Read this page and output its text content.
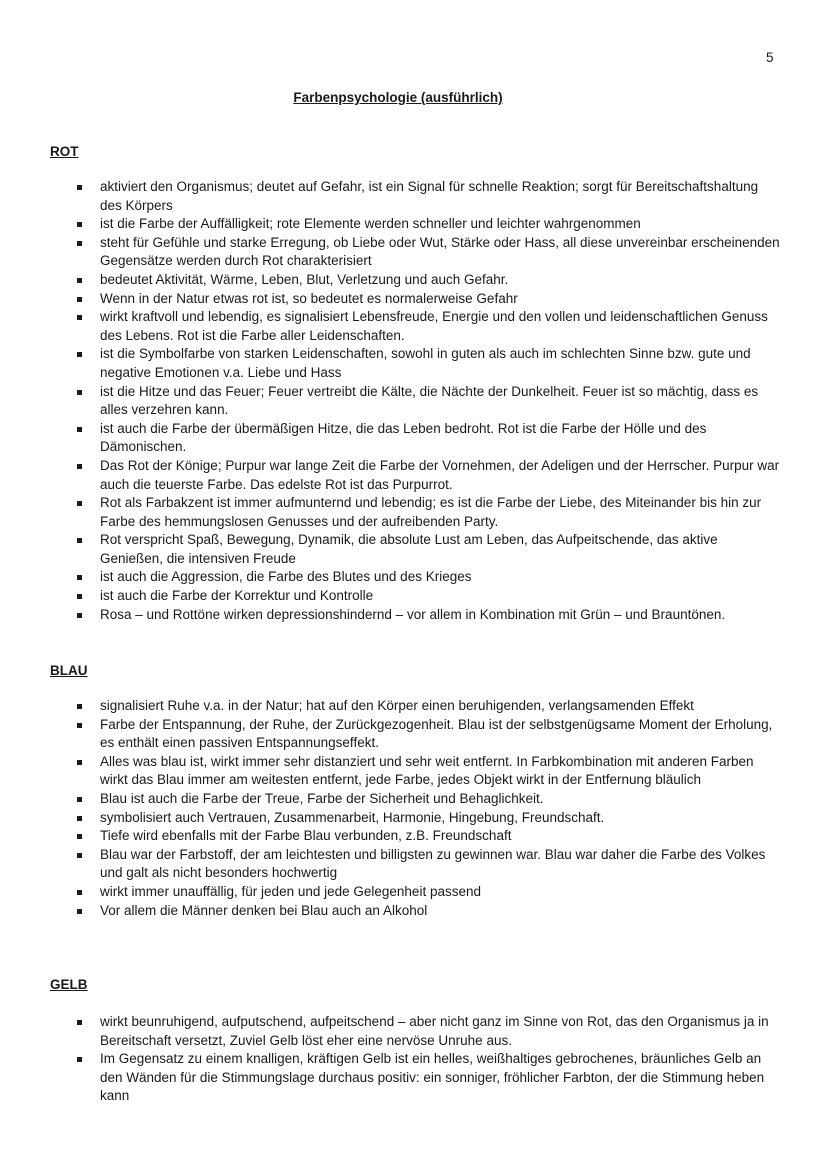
5
Farbenpsychologie (ausführlich)
ROT
aktiviert den Organismus; deutet auf Gefahr, ist ein Signal für schnelle Reaktion; sorgt für Bereitschaftshaltung des Körpers
ist die Farbe der Auffälligkeit; rote Elemente werden schneller und leichter wahrgenommen
steht für Gefühle und starke Erregung, ob Liebe oder Wut, Stärke oder Hass, all diese unvereinbar erscheinenden Gegensätze werden durch Rot charakterisiert
bedeutet Aktivität, Wärme, Leben, Blut, Verletzung und auch Gefahr.
Wenn in der Natur etwas rot ist, so bedeutet es normalerweise Gefahr
wirkt kraftvoll und lebendig, es signalisiert Lebensfreude, Energie und den vollen und leidenschaftlichen Genuss des Lebens. Rot ist die Farbe aller Leidenschaften.
ist die Symbolfarbe von starken Leidenschaften, sowohl in guten als auch im schlechten Sinne bzw. gute und negative Emotionen v.a. Liebe und Hass
ist die Hitze und das Feuer; Feuer vertreibt die Kälte, die Nächte der Dunkelheit. Feuer ist so mächtig, dass es alles verzehren kann.
ist auch die Farbe der übermäßigen Hitze, die das Leben bedroht. Rot ist die Farbe der Hölle und des Dämonischen.
Das Rot der Könige; Purpur war lange Zeit die Farbe der Vornehmen, der Adeligen und der Herrscher. Purpur war auch die teuerste Farbe. Das edelste Rot ist das Purpurrot.
Rot als Farbakzent ist immer aufmunternd und lebendig; es ist die Farbe der Liebe, des Miteinander bis hin zur Farbe des hemmungslosen Genusses und der aufreibenden Party.
Rot verspricht Spaß, Bewegung, Dynamik, die absolute Lust am Leben, das Aufpeitschende, das aktive Genießen, die intensiven Freude
ist auch die Aggression, die Farbe des Blutes und des Krieges
ist auch die Farbe der Korrektur und Kontrolle
Rosa – und Rottöne wirken depressionshindernd – vor allem in Kombination mit Grün – und Brauntönen.
BLAU
signalisiert Ruhe v.a. in der Natur; hat auf den Körper einen beruhigenden, verlangsamenden Effekt
Farbe der Entspannung, der Ruhe, der Zurückgezogenheit. Blau ist der selbstgenügsame Moment der Erholung, es enthält einen passiven Entspannungseffekt.
Alles was blau ist, wirkt immer sehr distanziert und sehr weit entfernt. In Farbkombination mit anderen Farben wirkt das Blau immer am weitesten entfernt, jede Farbe, jedes Objekt wirkt in der Entfernung bläulich
Blau ist auch die Farbe der Treue, Farbe der Sicherheit und Behaglichkeit.
symbolisiert auch Vertrauen, Zusammenarbeit, Harmonie, Hingebung, Freundschaft.
Tiefe wird ebenfalls mit der Farbe Blau verbunden, z.B. Freundschaft
Blau war der Farbstoff, der am leichtesten und billigsten zu gewinnen war. Blau war daher die Farbe des Volkes und galt als nicht besonders hochwertig
wirkt immer unauffällig, für jeden und jede Gelegenheit passend
Vor allem die Männer denken bei Blau auch an Alkohol
GELB
wirkt beunruhigend, aufputschend, aufpeitschend – aber nicht ganz im Sinne von Rot, das den Organismus ja in Bereitschaft versetzt, Zuviel Gelb löst eher eine nervöse Unruhe aus.
Im Gegensatz zu einem knalligen, kräftigen Gelb ist ein helles, weißhaltiges gebrochenes, bräunliches Gelb an den Wänden für die Stimmungslage durchaus positiv: ein sonniger, fröhlicher Farbton, der die Stimmung heben kann
